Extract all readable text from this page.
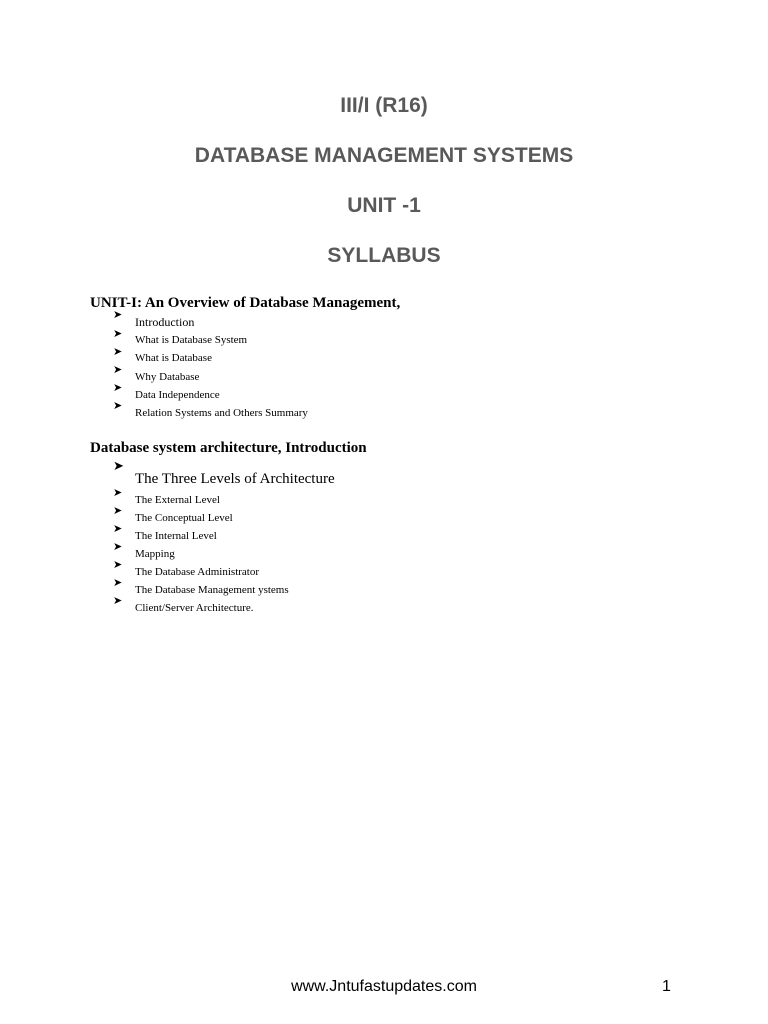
III/I (R16)
DATABASE MANAGEMENT SYSTEMS
UNIT -1
SYLLABUS
UNIT-I: An Overview of Database Management,
➤
Introduction
➤ What is Database System
➤ What is Database
➤
Why Database
➤
Data Independence
➤
Relation Systems and Others Summary
Database system architecture, Introduction
➤
The Three Levels of Architecture
➤
The External Level
➤
The Conceptual Level
➤
The Internal Level
➤
Mapping
➤
The Database Administrator
➤
The Database Management ystems
➤
Client/Server Architecture.
www.Jntufastupdates.com	1
